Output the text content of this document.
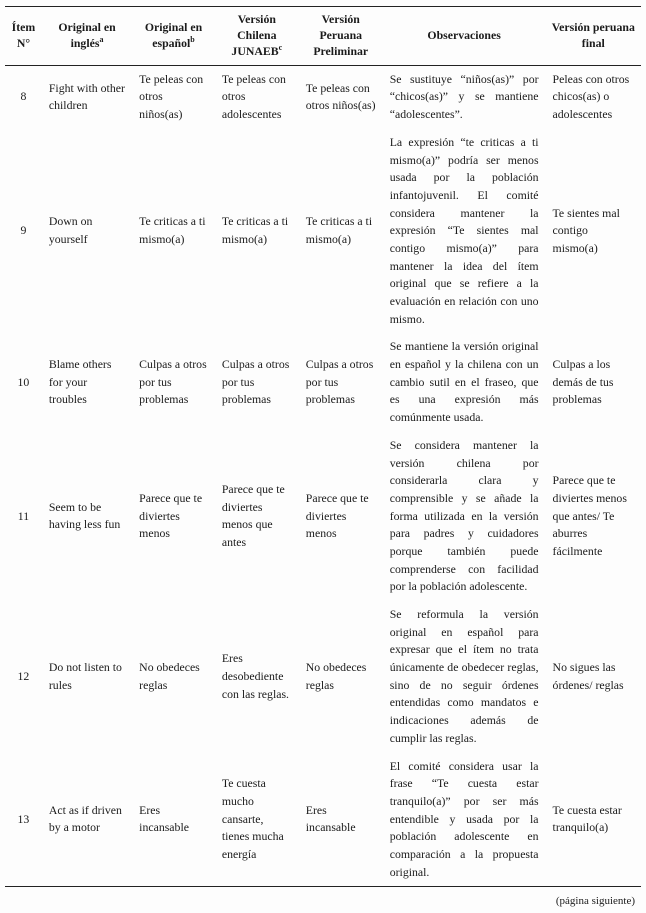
Ítem N°	Original en inglés$^a$	Original en español$^b$	Versión Chilena JUNAEB$^c$	Versión Peruana Preliminar	Observaciones	Versión peruana final
8	Fight with other children	Te peleas con otros niños(as)	Te peleas con otros adolescentes	Te peleas con otros niños(as)	Se sustituye “niños(as)” por “chicos(as)” y se mantiene “adolescentes”.	Peleas con otros chicos(as) o adolescentes
9	Down on yourself	Te criticas a ti mismo(a)	Te criticas a ti mismo(a)	Te criticas a ti mismo(a)	La expresión “te criticas a ti mismo(a)” podría ser menos usada por la población infantojuvenil. El comité considera mantener la expresión “Te sientes mal contigo mismo(a)” para mantener la idea del ítem original que se refiere a la evaluación en relación con uno mismo.	Te sientes mal contigo mismo(a)
10	Blame others for your troubles	Culpas a otros por tus problemas	Culpas a otros por tus problemas	Culpas a otros por tus problemas	Se mantiene la versión original en español y la chilena con un cambio sutil en el fraseo, que es una expresión más comúnmente usada.	Culpas a los demás de tus problemas
11	Seem to be having less fun	Parece que te diviertes menos	Parece que te diviertes menos que antes	Parece que te diviertes menos	Se considera mantener la versión chilena por considerarla clara y comprensible y se añade la forma utilizada en la versión para padres y cuidadores porque también puede comprenderse con facilidad por la población adolescente.	Parece que te diviertes menos que antes/ Te aburres fácilmente
12	Do not listen to rules	No obedeces reglas	Eres desobediente con las reglas.	No obedeces reglas	Se reformula la versión original en español para expresar que el ítem no trata únicamente de obedecer reglas, sino de no seguir órdenes entendidas como mandatos e indicaciones además de cumplir las reglas.	No sigues las órdenes/ reglas
13	Act as if driven by a motor	Eres incansable	Te cuesta mucho cansarte, tienes mucha energía	Eres incansable	El comité considera usar la frase “Te cuesta estar tranquilo(a)” por ser más entendible y usada por la población adolescente en comparación a la propuesta original.	Te cuesta estar tranquilo(a)
(página siguiente)
